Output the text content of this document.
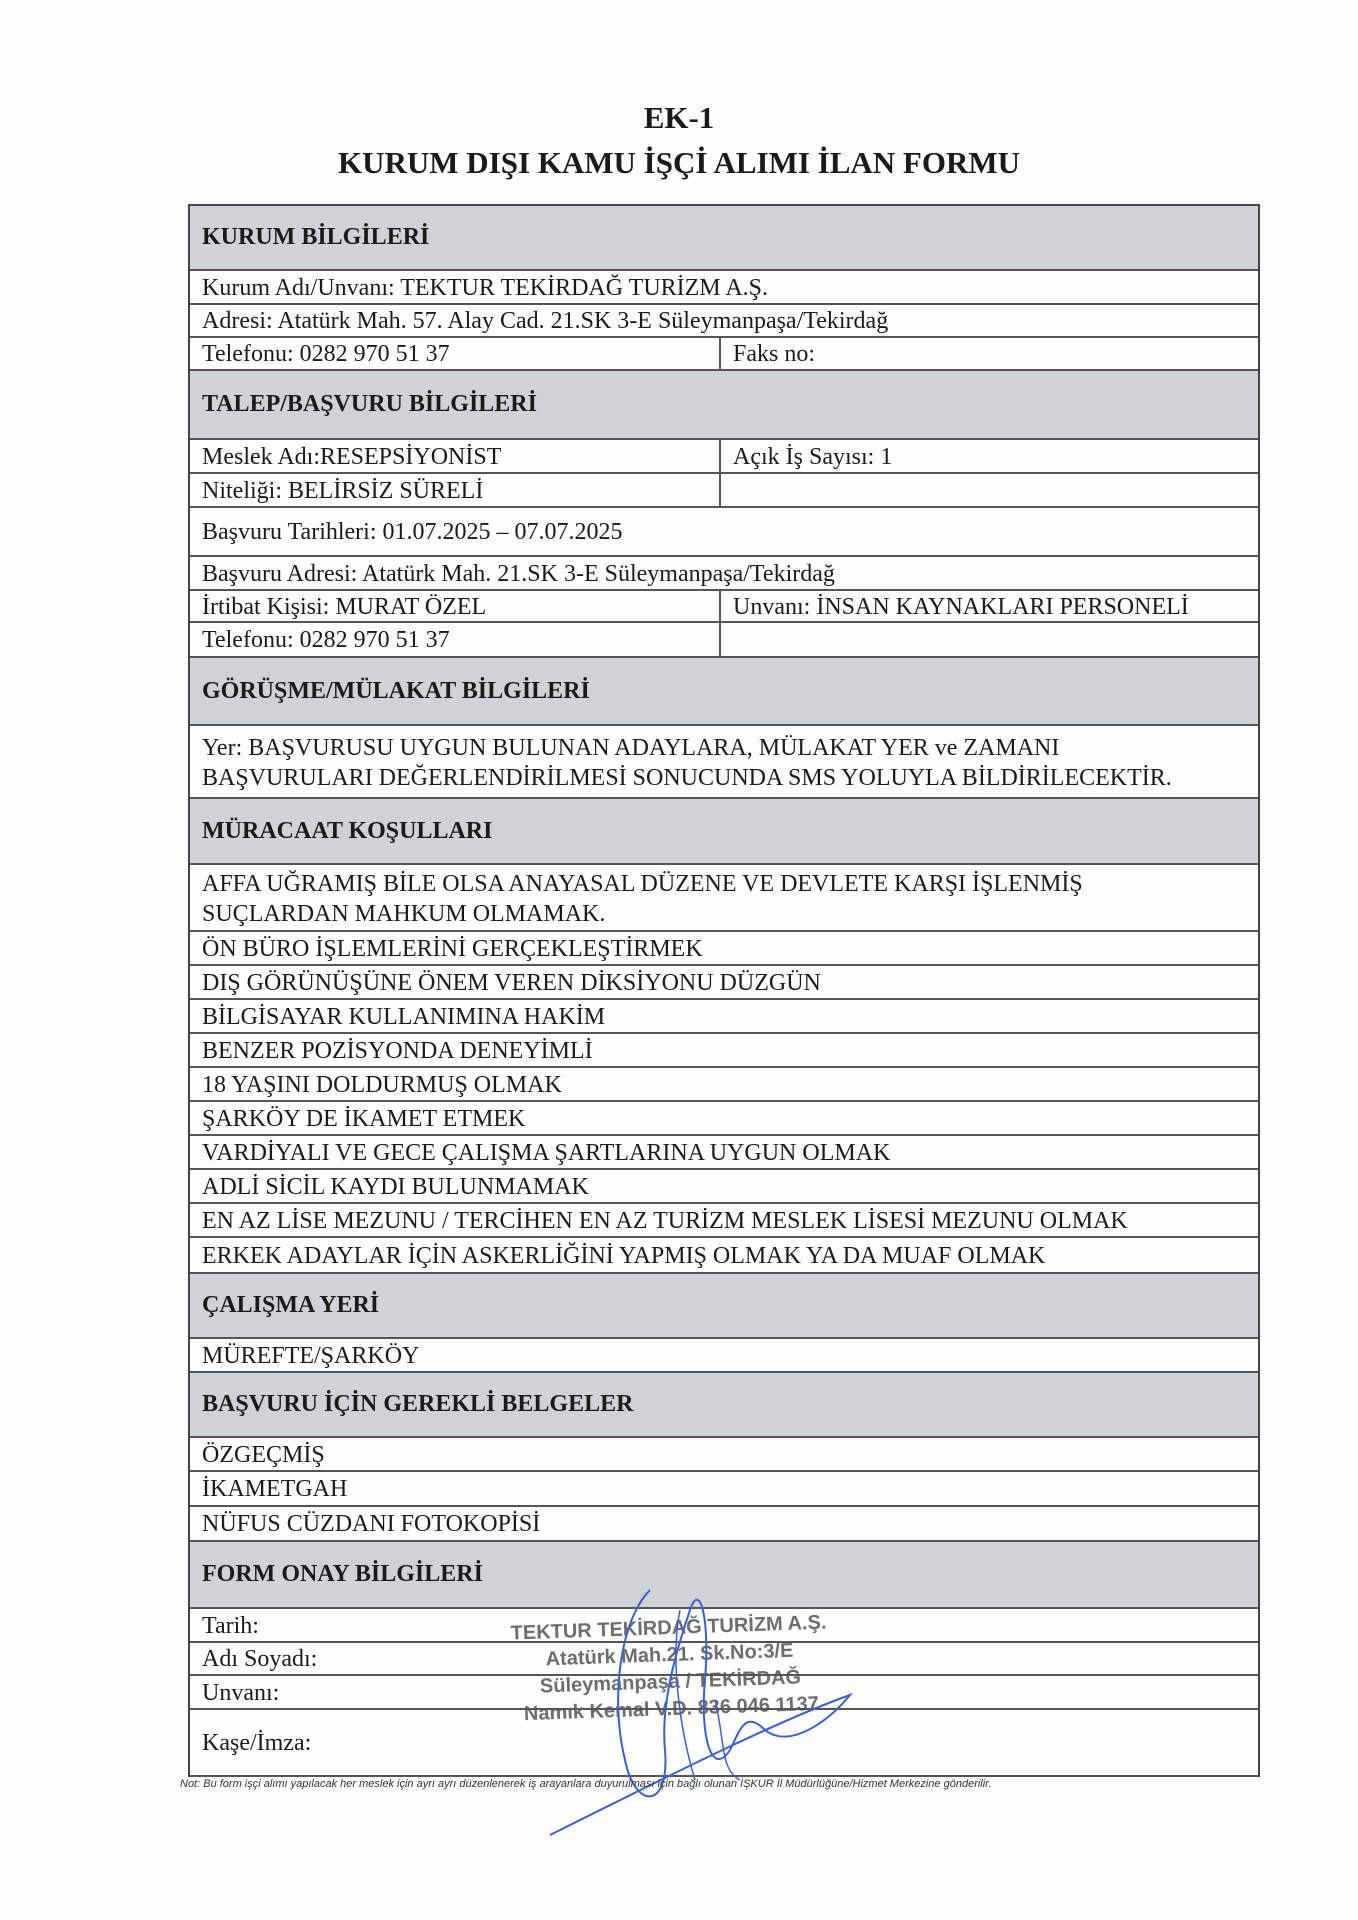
EK-1
KURUM DIŞI KAMU İŞÇİ ALIMI İLAN FORMU
KURUM BİLGİLERİ
Kurum Adı/Unvanı: TEKTUR TEKİRDAĞ TURİZM A.Ş.
Adresi: Atatürk Mah. 57. Alay Cad. 21.SK 3-E Süleymanpaşa/Tekirdağ
Telefonu: 0282 970 51 37	Faks no:
TALEP/BAŞVURU BİLGİLERİ
Meslek Adı:RESEPSİYONİST	Açık İş Sayısı: 1
Niteliği: BELİRSİZ SÜRELİ
Başvuru Tarihleri: 01.07.2025 – 07.07.2025
Başvuru Adresi: Atatürk Mah. 21.SK 3-E Süleymanpaşa/Tekirdağ
İrtibat Kişisi: MURAT ÖZEL	Unvanı: İNSAN KAYNAKLARI PERSONELİ
Telefonu: 0282 970 51 37
GÖRÜŞME/MÜLAKAT BİLGİLERİ
Yer: BAŞVURUSU UYGUN BULUNAN ADAYLARA, MÜLAKAT YER ve ZAMANI
BAŞVURULARI DEĞERLENDİRİLMESİ SONUCUNDA SMS YOLUYLA BİLDİRİLECEKTİR.
MÜRACAAT KOŞULLARI
AFFA UĞRAMIŞ BİLE OLSA ANAYASAL DÜZENE VE DEVLETE KARŞI İŞLENMİŞ
SUÇLARDAN MAHKUM OLMAMAK.
ÖN BÜRO İŞLEMLERİNİ GERÇEKLEŞTİRMEK
DIŞ GÖRÜNÜŞÜNE ÖNEM VEREN DİKSİYONU DÜZGÜN
BİLGİSAYAR KULLANIMINA HAKİM
BENZER POZİSYONDA DENEYİMLİ
18 YAŞINI DOLDURMUŞ OLMAK
ŞARKÖY DE İKAMET ETMEK
VARDİYALI VE GECE ÇALIŞMA ŞARTLARINA UYGUN OLMAK
ADLİ SİCİL KAYDI BULUNMAMAK
EN AZ LİSE MEZUNU / TERCİHEN EN AZ TURİZM MESLEK LİSESİ MEZUNU OLMAK
ERKEK ADAYLAR İÇİN ASKERLİĞİNİ YAPMIŞ OLMAK YA DA MUAF OLMAK
ÇALIŞMA YERİ
MÜREFTE/ŞARKÖY
BAŞVURU İÇİN GEREKLİ BELGELER
ÖZGEÇMİŞ
İKAMETGAH
NÜFUS CÜZDANI FOTOKOPİSİ
FORM ONAY BİLGİLERİ
Tarih:
Adı Soyadı:
Unvanı:
Kaşe/İmza:
TEKTUR TEKİRDAĞ TURİZM A.Ş.
Atatürk Mah.21. Sk.No:3/E
Süleymanpaşa / TEKİRDAĞ
Namık Kemal V.D. 836 046 1137
Not: Bu form işçi alımı yapılacak her meslek için ayrı ayrı düzenlenerek iş arayanlara duyurulması için bağlı olunan İŞKUR İl Müdürlüğüne/Hizmet Merkezine gönderilir.
